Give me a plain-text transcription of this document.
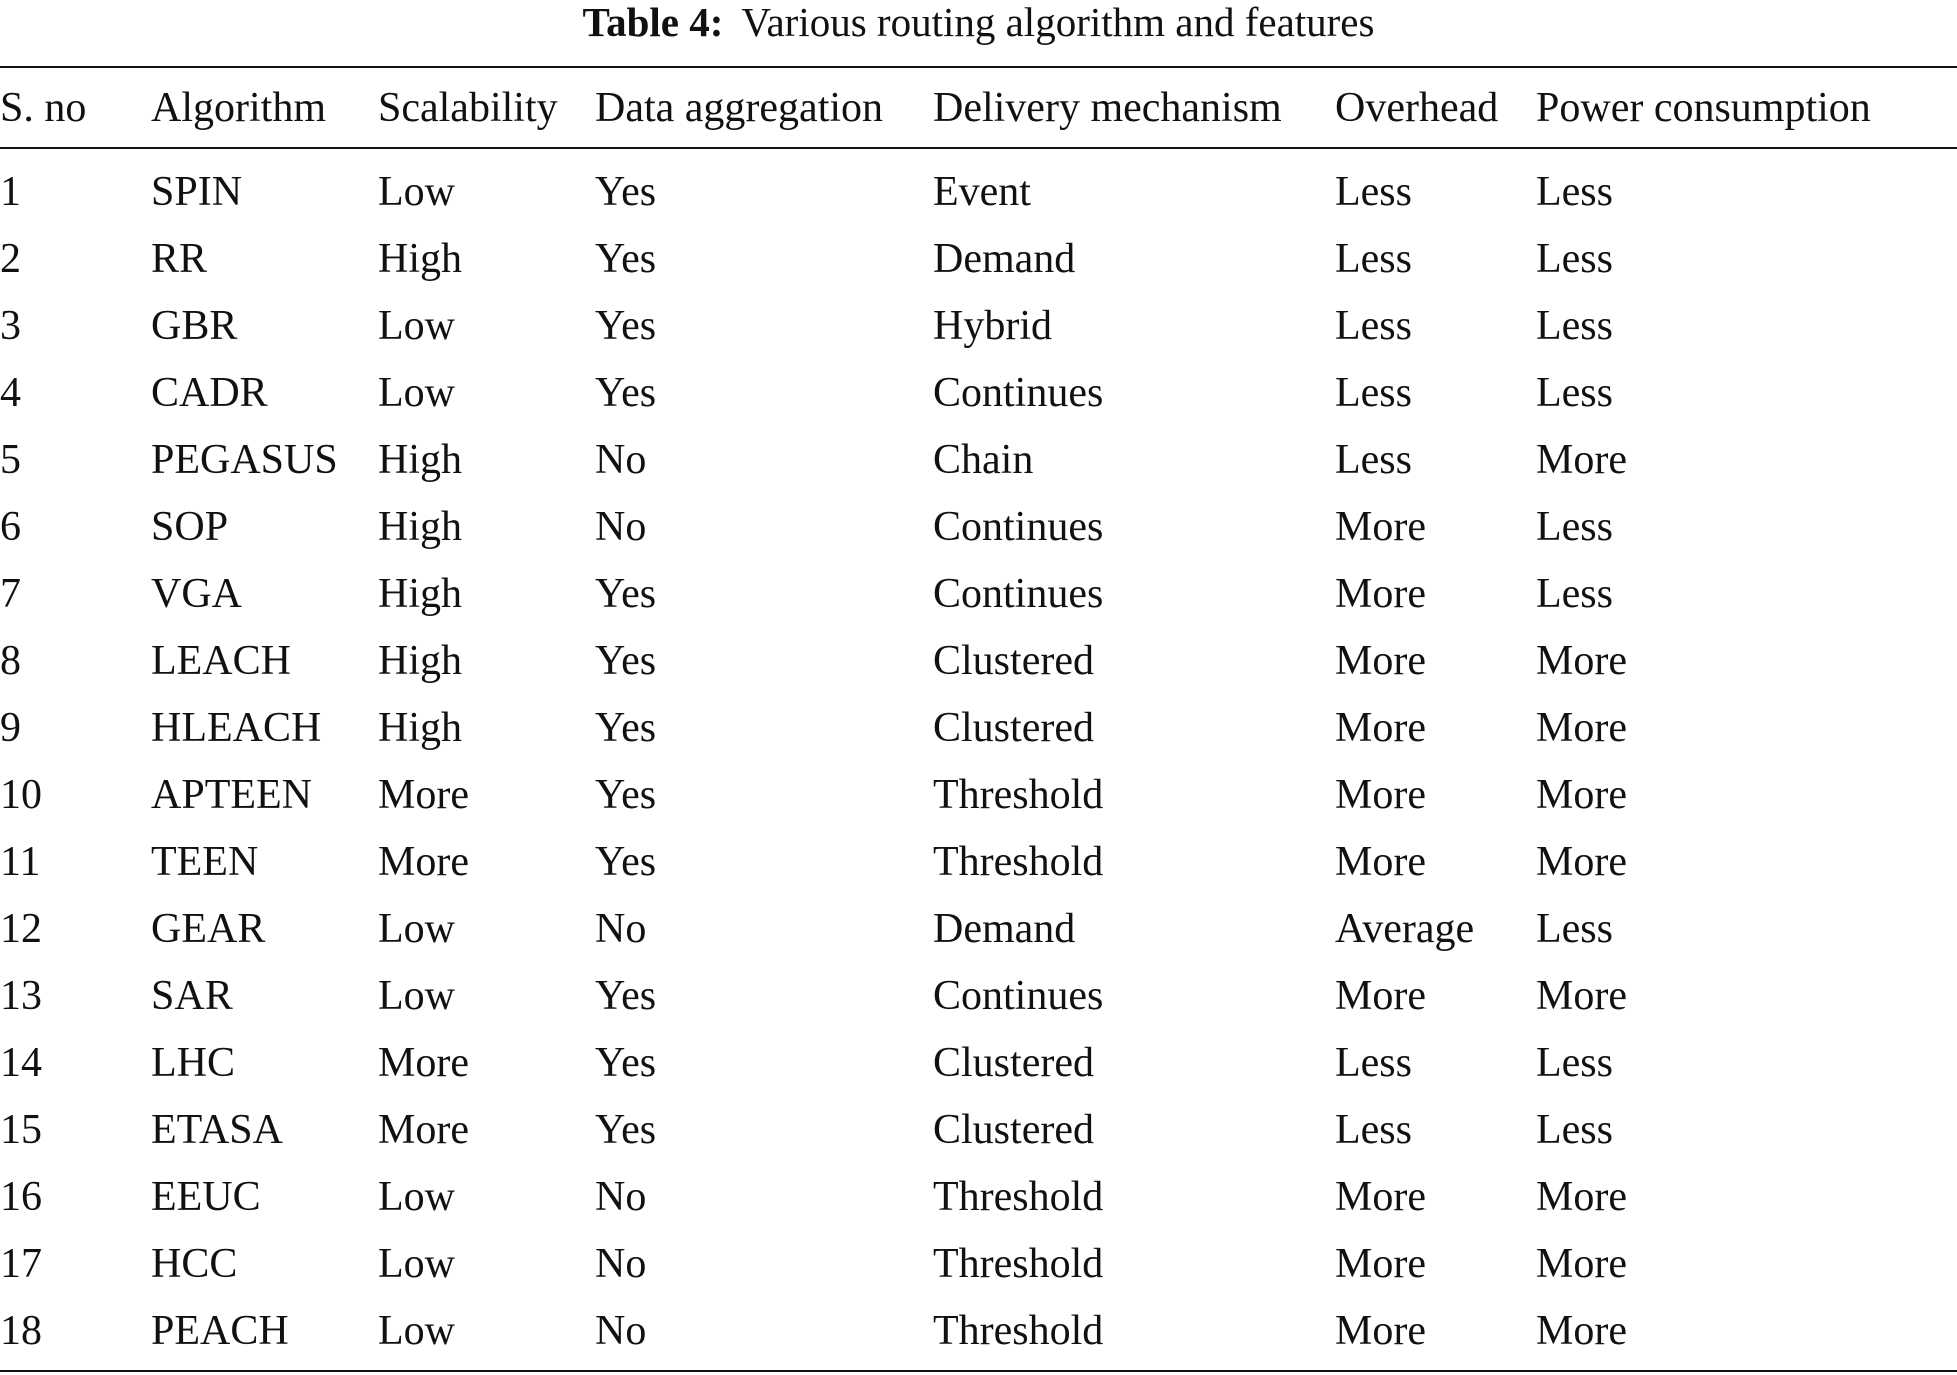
Table 4: Various routing algorithm and features
S. no	Algorithm	Scalability	Data aggregation	Delivery mechanism	Overhead	Power consumption
1	SPIN	Low	Yes	Event	Less	Less
2	RR	High	Yes	Demand	Less	Less
3	GBR	Low	Yes	Hybrid	Less	Less
4	CADR	Low	Yes	Continues	Less	Less
5	PEGASUS	High	No	Chain	Less	More
6	SOP	High	No	Continues	More	Less
7	VGA	High	Yes	Continues	More	Less
8	LEACH	High	Yes	Clustered	More	More
9	HLEACH	High	Yes	Clustered	More	More
10	APTEEN	More	Yes	Threshold	More	More
11	TEEN	More	Yes	Threshold	More	More
12	GEAR	Low	No	Demand	Average	Less
13	SAR	Low	Yes	Continues	More	More
14	LHC	More	Yes	Clustered	Less	Less
15	ETASA	More	Yes	Clustered	Less	Less
16	EEUC	Low	No	Threshold	More	More
17	HCC	Low	No	Threshold	More	More
18	PEACH	Low	No	Threshold	More	More
